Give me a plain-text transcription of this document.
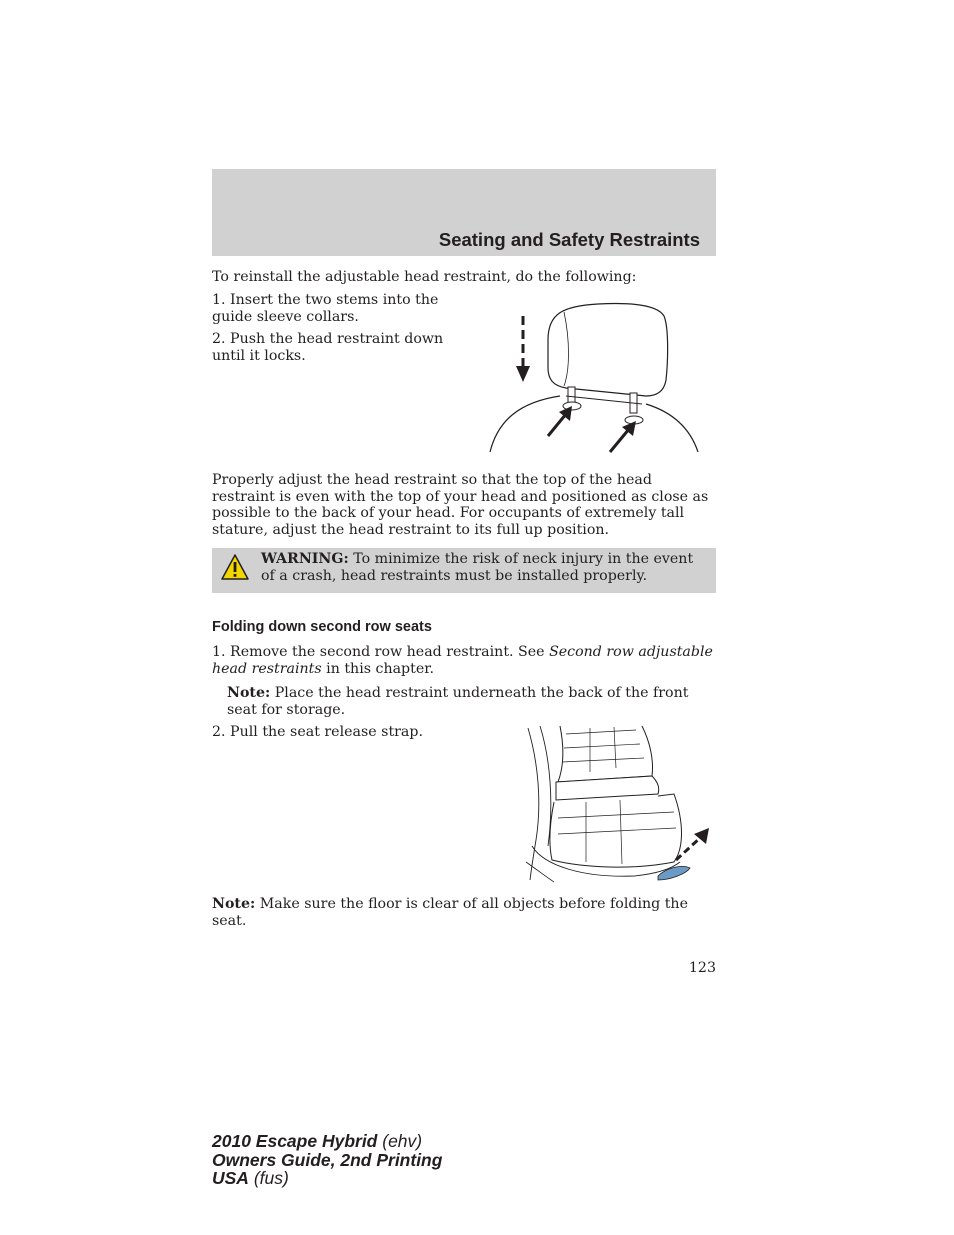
Seating and Safety Restraints
To reinstall the adjustable head restraint, do the following:
1. Insert the two stems into the guide sleeve collars.
2. Push the head restraint down until it locks.
Properly adjust the head restraint so that the top of the head restraint is even with the top of your head and positioned as close as possible to the back of your head. For occupants of extremely tall stature, adjust the head restraint to its full up position.
WARNING: To minimize the risk of neck injury in the event of a crash, head restraints must be installed properly.
Folding down second row seats
1. Remove the second row head restraint. See Second row adjustable head restraints in this chapter.
Note: Place the head restraint underneath the back of the front seat for storage.
2. Pull the seat release strap.
Note: Make sure the floor is clear of all objects before folding the seat.
123
2010 Escape Hybrid (ehv)
Owners Guide, 2nd Printing
USA (fus)
